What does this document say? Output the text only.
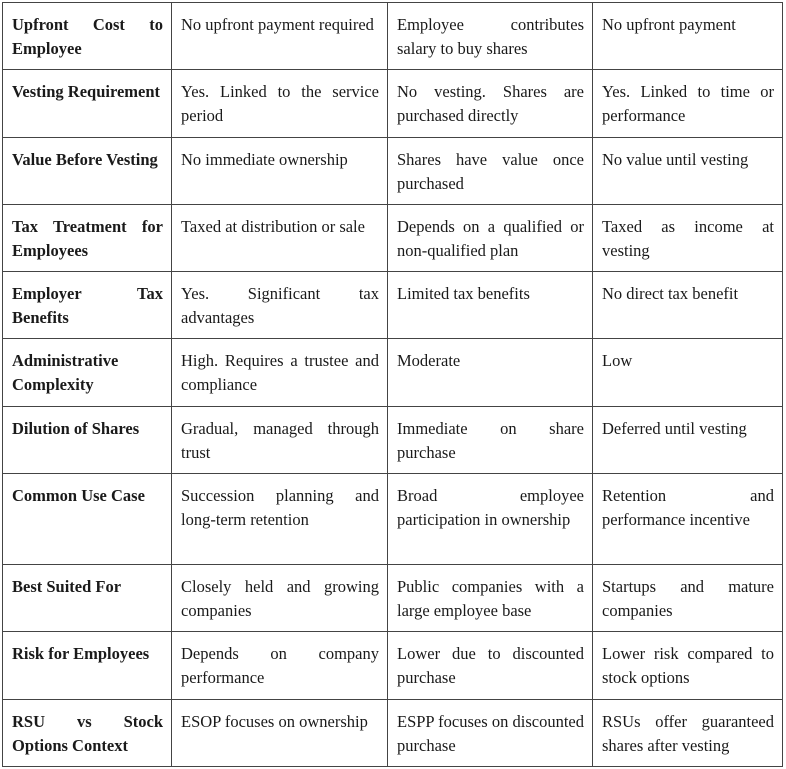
Upfront Cost to Employee	No upfront payment required	Employee contributes salary to buy shares	No upfront payment
Vesting Requirement	Yes. Linked to the service period	No vesting. Shares are purchased directly	Yes. Linked to time or performance
Value Before Vesting	No immediate ownership	Shares have value once purchased	No value until vesting
Tax Treatment for Employees	Taxed at distribution or sale	Depends on a qualified or non-qualified plan	Taxed as income at vesting
Employer Tax Benefits	Yes. Significant tax advantages	Limited tax benefits	No direct tax benefit
Administrative Complexity	High. Requires a trustee and compliance	Moderate	Low
Dilution of Shares	Gradual, managed through trust	Immediate on share purchase	Deferred until vesting
Common Use Case	Succession planning and long-term retention	Broad employee participation in ownership	Retention and performance incentive
Best Suited For	Closely held and growing companies	Public companies with a large employee base	Startups and mature companies
Risk for Employees	Depends on company performance	Lower due to discounted purchase	Lower risk compared to stock options
RSU vs Stock Options Context	ESOP focuses on ownership	ESPP focuses on discounted purchase	RSUs offer guaranteed shares after vesting
